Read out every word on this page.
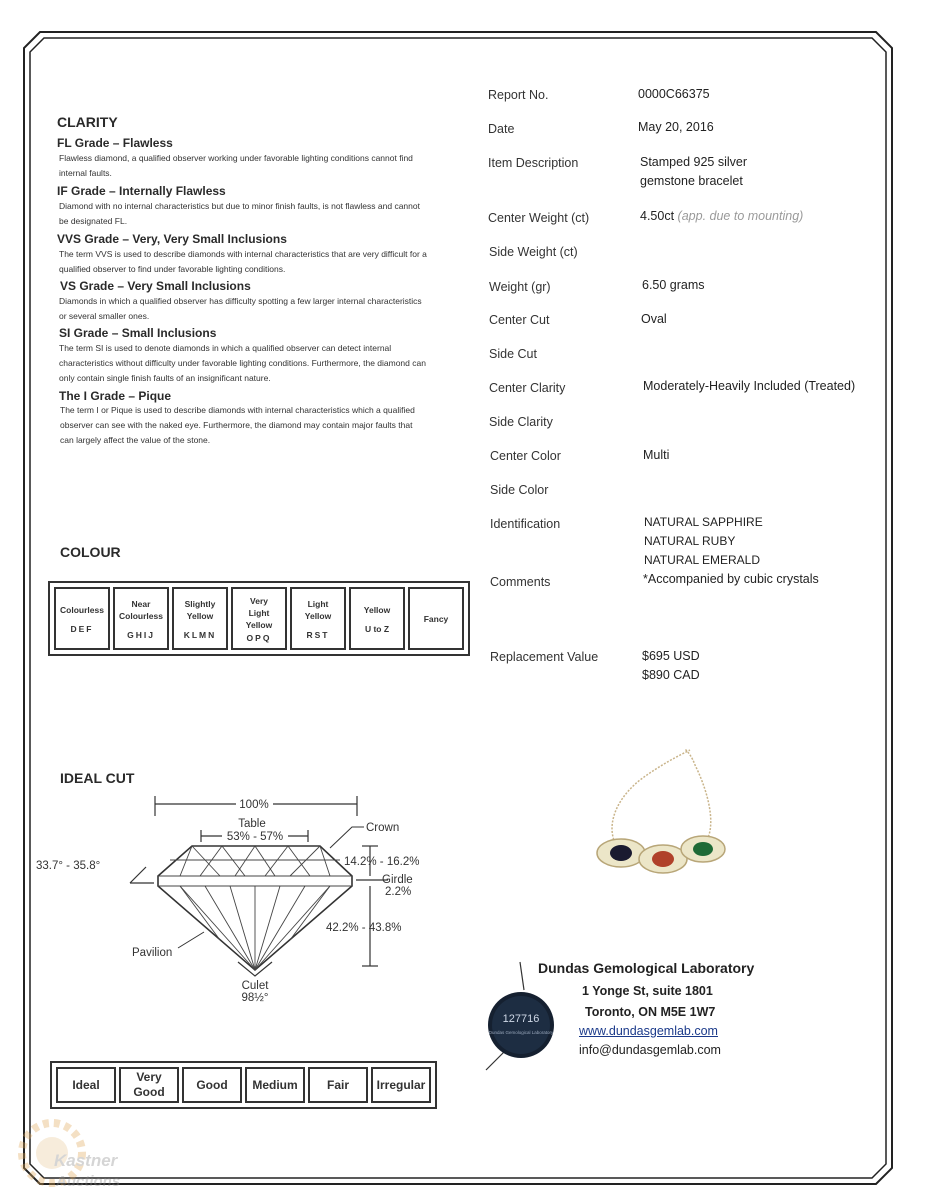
CLARITY
FL Grade – Flawless
Flawless diamond, a qualified observer working under favorable lighting conditions cannot find internal faults.
IF Grade – Internally Flawless
Diamond with no internal characteristics but due to minor finish faults, is not flawless and cannot be designated FL.
VVS Grade – Very, Very Small Inclusions
The term VVS is used to describe diamonds with internal characteristics that are very difficult for a qualified observer to find under favorable lighting conditions.
VS Grade – Very Small Inclusions
Diamonds in which a qualified observer has difficulty spotting a few larger internal characteristics or several smaller ones.
SI Grade – Small Inclusions
The term SI is used to denote diamonds in which a qualified observer can detect internal characteristics without difficulty under favorable lighting conditions. Furthermore, the diamond can only contain single finish faults of an insignificant nature.
The I Grade – Pique
The term I or Pique is used to describe diamonds with internal characteristics which a qualified observer can see with the naked eye. Furthermore, the diamond may contain major faults that can largely affect the value of the stone.
COLOUR
Colourless
DEF

Near
Colourless
GHIJ

Slightly
Yellow
KLMN

Very
Light
Yellow
OPQ

Light
Yellow
RST

Yellow
U to Z

Fancy
IDEAL CUT
100%
Table
53% - 57%
Crown
33.7° - 35.8°	14.2% - 16.2%
Girdle
2.2%
42.2% - 43.8%
Pavilion
Culet
98½°
Ideal	Very
Good	Good	Medium	Fair	Irregular
Report No.	0000C66375
Date	May 20, 2016
Item Description	Stamped 925 silver
gemstone bracelet
Center Weight (ct)	4.50ct (app. due to mounting)
Side Weight (ct)
Weight (gr)	6.50 grams
Center Cut	Oval
Side Cut
Center Clarity	Moderately-Heavily Included (Treated)
Side Clarity
Center Color	Multi
Side Color
Identification	NATURAL SAPPHIRE
NATURAL RUBY
NATURAL EMERALD
Comments	*Accompanied by cubic crystals
Replacement Value	$695 USD
$890 CAD
127716
Dundas Gemological Laboratory
Dundas Gemological Laboratory
1 Yonge St, suite 1801
Toronto, ON M5E 1W7
www.dundasgemlab.com
info@dundasgemlab.com
Kastner
Auctions
